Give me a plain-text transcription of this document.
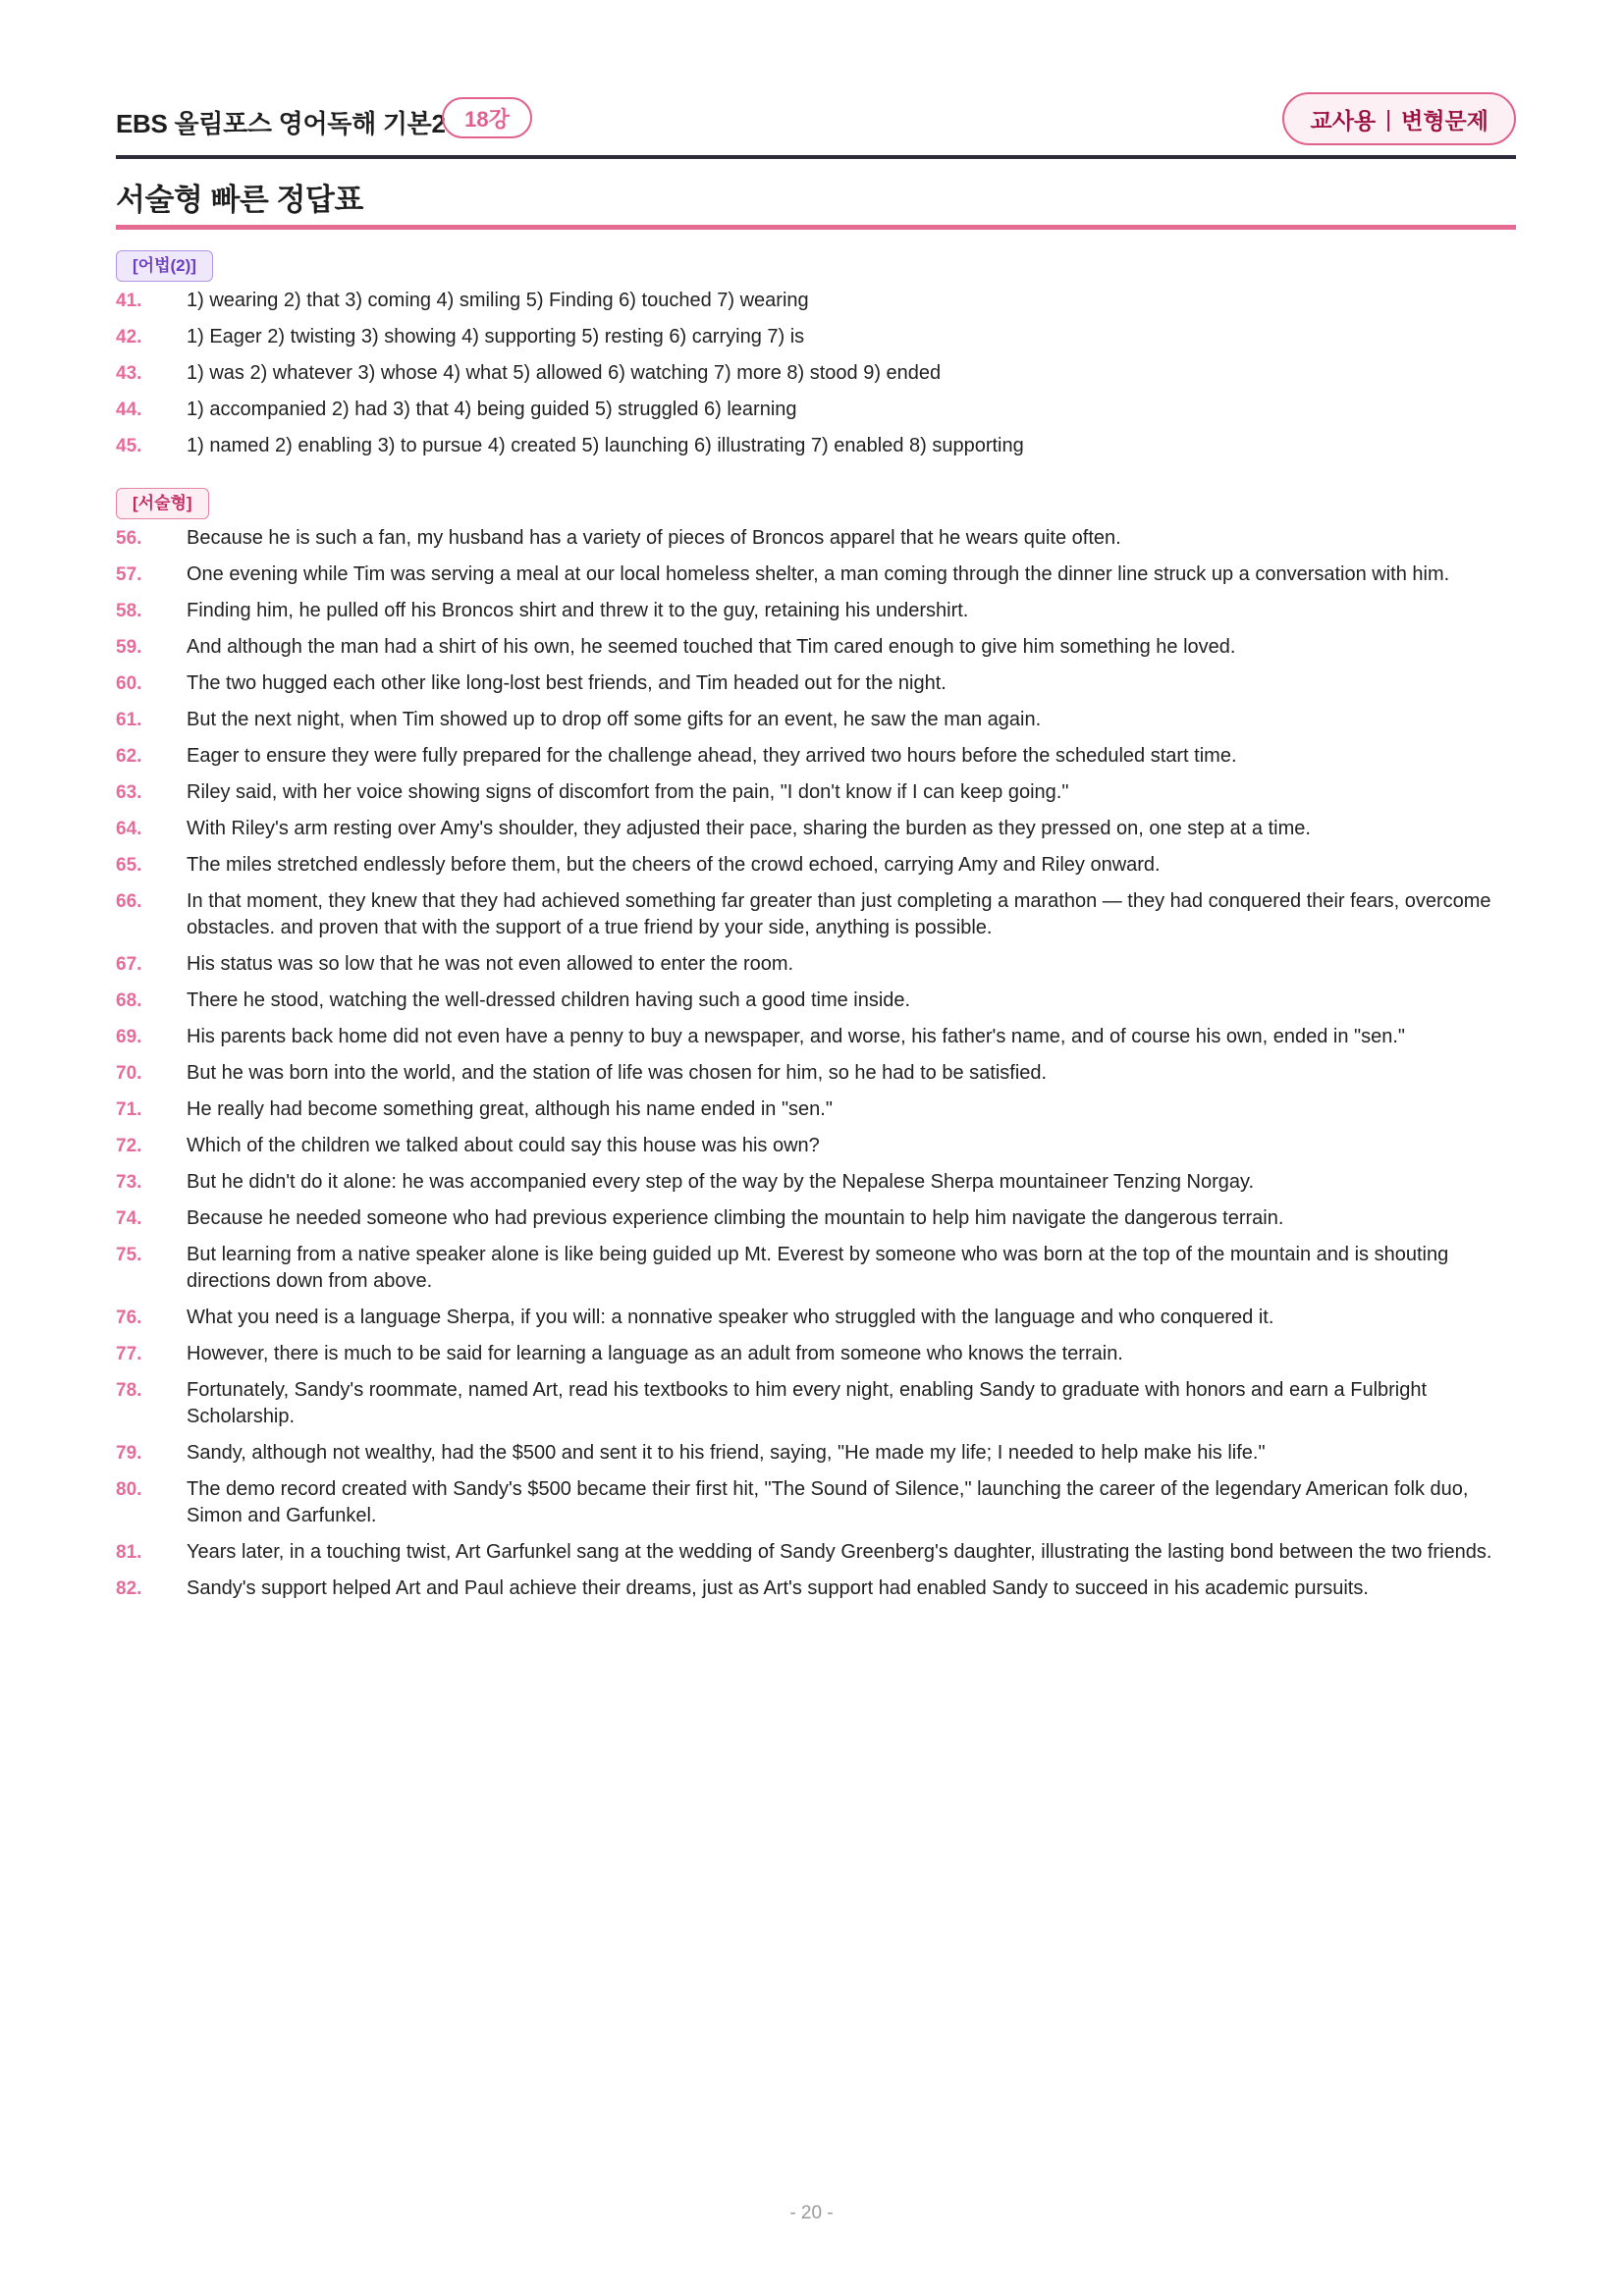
EBS 올림포스 영어독해 기본2 18강	교사용 | 변형문제
서술형 빠른 정답표
[어법(2)]
41.	1) wearing 2) that 3) coming 4) smiling 5) Finding 6) touched 7) wearing
42.	1) Eager 2) twisting 3) showing 4) supporting 5) resting 6) carrying 7) is
43.	1) was 2) whatever 3) whose 4) what 5) allowed 6) watching 7) more 8) stood 9) ended
44.	1) accompanied 2) had 3) that 4) being guided 5) struggled 6) learning
45.	1) named 2) enabling 3) to pursue 4) created 5) launching 6) illustrating 7) enabled 8) supporting
[서술형]
56.	Because he is such a fan, my husband has a variety of pieces of Broncos apparel that he wears quite often.
57.	One evening while Tim was serving a meal at our local homeless shelter, a man coming through the dinner line struck up a conversation with him.
58.	Finding him, he pulled off his Broncos shirt and threw it to the guy, retaining his undershirt.
59.	And although the man had a shirt of his own, he seemed touched that Tim cared enough to give him something he loved.
60.	The two hugged each other like long-lost best friends, and Tim headed out for the night.
61.	But the next night, when Tim showed up to drop off some gifts for an event, he saw the man again.
62.	Eager to ensure they were fully prepared for the challenge ahead, they arrived two hours before the scheduled start time.
63.	Riley said, with her voice showing signs of discomfort from the pain, "I don't know if I can keep going."
64.	With Riley's arm resting over Amy's shoulder, they adjusted their pace, sharing the burden as they pressed on, one step at a time.
65.	The miles stretched endlessly before them, but the cheers of the crowd echoed, carrying Amy and Riley onward.
66.	In that moment, they knew that they had achieved something far greater than just completing a marathon — they had conquered their fears, overcome obstacles. and proven that with the support of a true friend by your side, anything is possible.
67.	His status was so low that he was not even allowed to enter the room.
68.	There he stood, watching the well-dressed children having such a good time inside.
69.	His parents back home did not even have a penny to buy a newspaper, and worse, his father's name, and of course his own, ended in "sen."
70.	But he was born into the world, and the station of life was chosen for him, so he had to be satisfied.
71.	He really had become something great, although his name ended in "sen."
72.	Which of the children we talked about could say this house was his own?
73.	But he didn't do it alone: he was accompanied every step of the way by the Nepalese Sherpa mountaineer Tenzing Norgay.
74.	Because he needed someone who had previous experience climbing the mountain to help him navigate the dangerous terrain.
75.	But learning from a native speaker alone is like being guided up Mt. Everest by someone who was born at the top of the mountain and is shouting directions down from above.
76.	What you need is a language Sherpa, if you will: a nonnative speaker who struggled with the language and who conquered it.
77.	However, there is much to be said for learning a language as an adult from someone who knows the terrain.
78.	Fortunately, Sandy's roommate, named Art, read his textbooks to him every night, enabling Sandy to graduate with honors and earn a Fulbright Scholarship.
79.	Sandy, although not wealthy, had the $500 and sent it to his friend, saying, "He made my life; I needed to help make his life."
80.	The demo record created with Sandy's $500 became their first hit, "The Sound of Silence," launching the career of the legendary American folk duo, Simon and Garfunkel.
81.	Years later, in a touching twist, Art Garfunkel sang at the wedding of Sandy Greenberg's daughter, illustrating the lasting bond between the two friends.
82.	Sandy's support helped Art and Paul achieve their dreams, just as Art's support had enabled Sandy to succeed in his academic pursuits.
- 20 -
